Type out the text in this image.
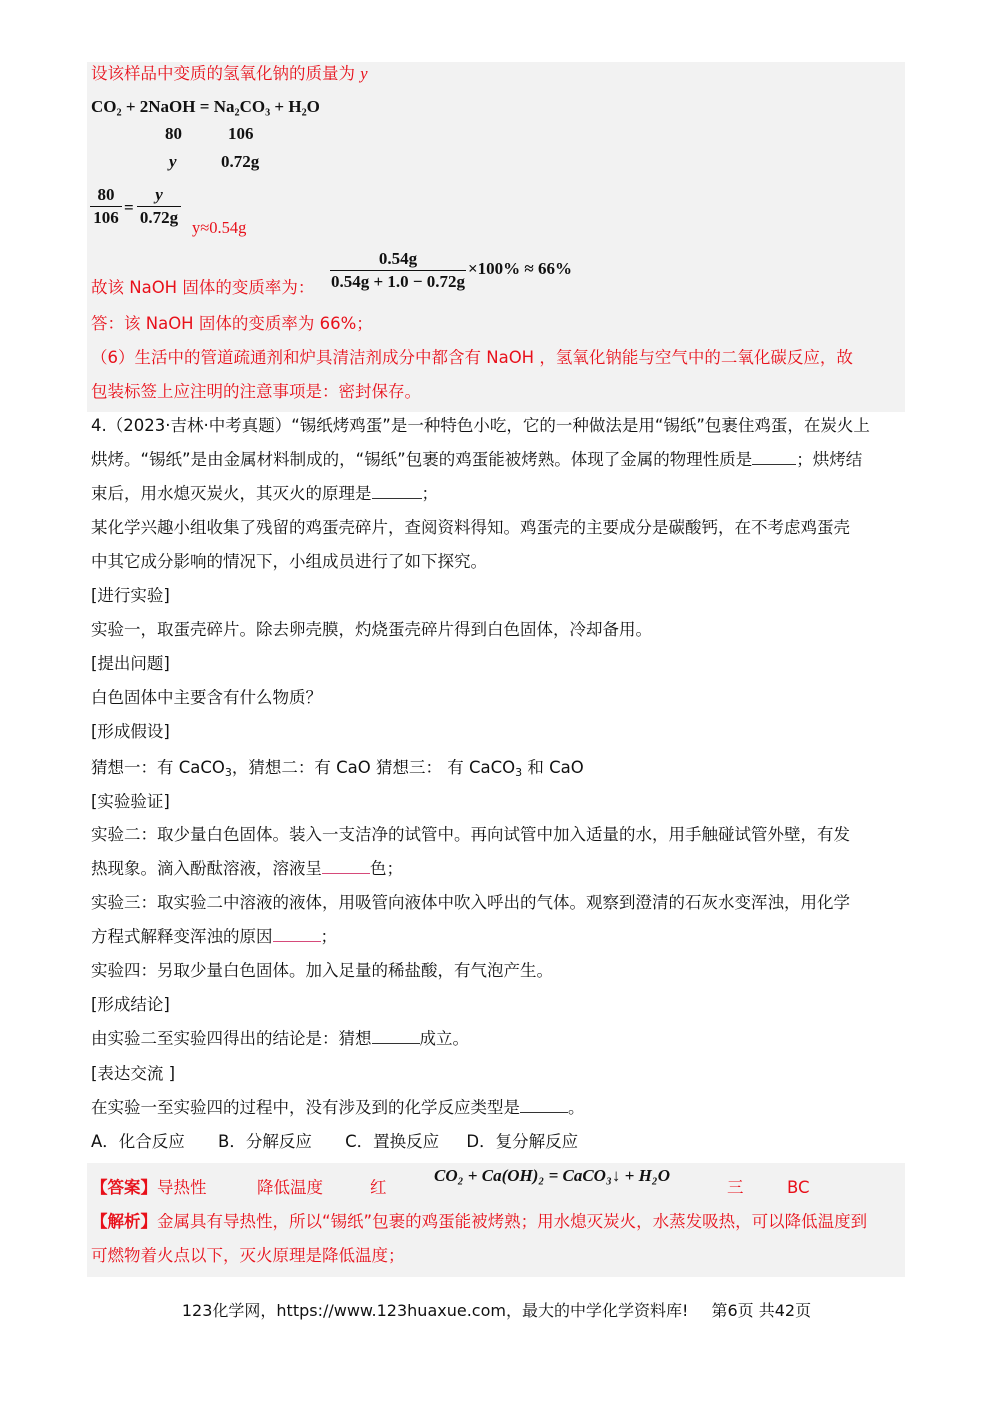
设该样品中变质的氢氧化钠的质量为 y
CO₂ + 2NaOH = Na₂CO₃ + H₂O
80	106
y	0.72g
80
106
=
y
0.72g
y≈0.54g
故该 NaOH 固体的变质率为：
0.54g
0.54g + 1.0 − 0.72g
×100% ≈ 66%
答：该 NaOH 固体的变质率为 66%；
（6）生活中的管道疏通剂和炉具清洁剂成分中都含有 NaOH ，氢氧化钠能与空气中的二氧化碳反应，故
包装标签上应注明的注意事项是：密封保存。
4.（2023·吉林·中考真题）“锡纸烤鸡蛋”是一种特色小吃，它的一种做法是用“锡纸”包裹住鸡蛋，在炭火上
烘烤。“锡纸”是由金属材料制成的，“锡纸”包裹的鸡蛋能被烤熟。体现了金属的物理性质是	；烘烤结
束后，用水熄灭炭火，其灭火的原理是	；
某化学兴趣小组收集了残留的鸡蛋壳碎片，查阅资料得知。鸡蛋壳的主要成分是碳酸钙，在不考虑鸡蛋壳
中其它成分影响的情况下，小组成员进行了如下探究。
[进行实验]
实验一，取蛋壳碎片。除去卵壳膜，灼烧蛋壳碎片得到白色固体，冷却备用。
[提出问题]
白色固体中主要含有什么物质？
[形成假设]
猜想一：有 CaCO$_3$，猜想二：有 CaO 猜想三： 有 CaCO$_3$ 和 CaO
[实验验证]
实验二：取少量白色固体。装入一支洁净的试管中。再向试管中加入适量的水，用手触碰试管外壁，有发
热现象。滴入酚酞溶液，溶液呈	色；
实验三：取实验二中溶液的液体，用吸管向液体中吹入呼出的气体。观察到澄清的石灰水变浑浊，用化学
方程式解释变浑浊的原因	；
实验四：另取少量白色固体。加入足量的稀盐酸，有气泡产生。
[形成结论]
由实验二至实验四得出的结论是：猜想	成立。
[表达交流 ]
在实验一至实验四的过程中，没有涉及到的化学反应类型是	。
A．化合反应 B．分解反应 C．置换反应 D．复分解反应
【答案】导热性	降低温度	红
CO₂ + Ca(OH)₂ = CaCO₃↓ + H₂O
三	BC
【解析】金属具有导热性，所以“锡纸”包裹的鸡蛋能被烤熟；用水熄灭炭火，水蒸发吸热，可以降低温度到
可燃物着火点以下，灭火原理是降低温度；
123化学网，https://www.123huaxue.com，最大的中学化学资料库! 第6页 共42页
